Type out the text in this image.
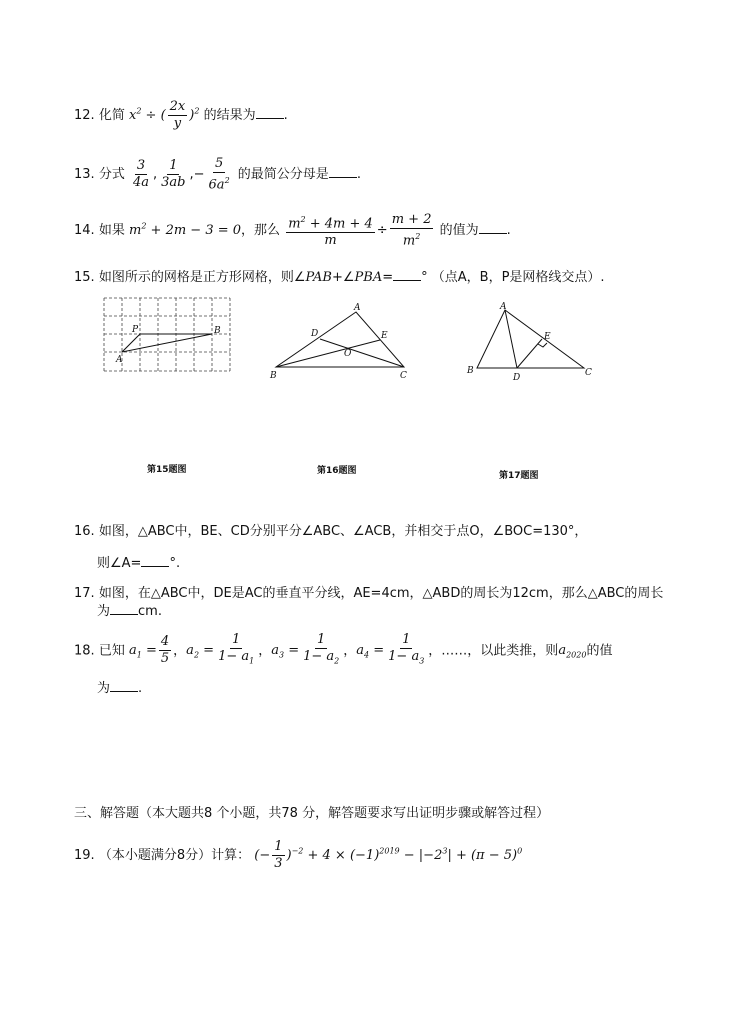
12. 化简 $x^2$ ÷ ( $\frac{2x}{y} )^2$ 的结果为 .
13. 分式 $\frac{3}{4a}$ , $\frac{1}{3ab}$ ,− $\frac{5}{6a^2}$ 的最简公分母是 .
14. 如果 $m^2 + 2m - 3 = 0$，那么 $\frac{m^2 + 4m + 4}{m} \div \frac{m + 2}{m^2}$ 的值为 .
15. 如图所示的网格是正方形网格，则∠PAB+∠PBA= ° （点A，B，P是网格线交点）.
P	B
A
A
D	E
O
B	C
A
E
B
D	C
第15题图	第16题图	第17题图
16. 如图，△ABC中，BE、CD分别平分∠ABC、∠ACB，并相交于点O，∠BOC=130°，
则∠A= °.
17. 如图，在△ABC中，DE是AC的垂直平分线，AE=4cm，△ABD的周长为12cm，那么△ABC的周长
为 cm.
18. 已知 $a_1 = \frac{4}{5}$ ，$a_2 = \frac{1}{1- a_1}$ ，$a_3 = \frac{1}{1- a_2}$ ，$a_4 = \frac{1}{1- a_3}$ ，……，以此类推，则$a_{2020}$的值
为 .
三、解答题（本大题共8 个小题，共78 分，解答题要求写出证明步骤或解答过程）
19. （本小题满分8分）计算： (− $\frac{1}{3} )^{-2} + 4 \times (-1)^{2019} - |-2^3| + (\pi - 5)^0$
